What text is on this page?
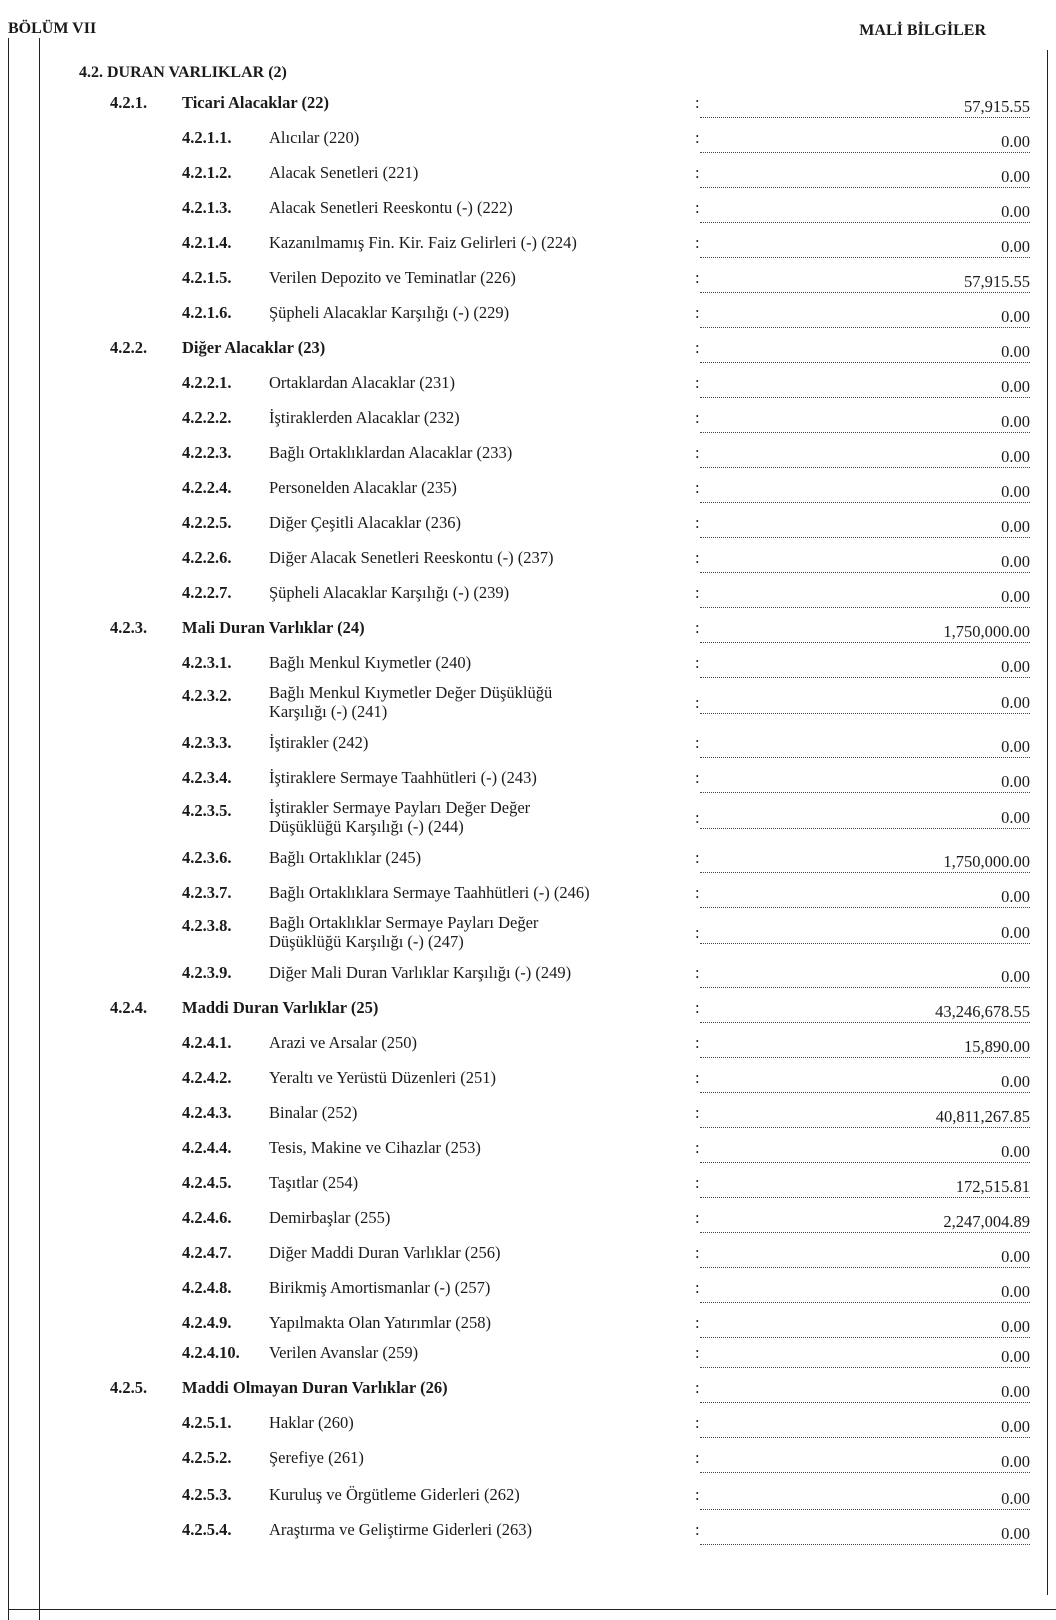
BÖLÜM VII	MALİ BİLGİLER
4.2. DURAN VARLIKLAR (2)
4.2.1. Ticari Alacaklar (22)	:	57,915.55
4.2.1.1. Alıcılar (220)	:	0.00
4.2.1.2. Alacak Senetleri (221)	:	0.00
4.2.1.3. Alacak Senetleri Reeskontu (-) (222)	:	0.00
4.2.1.4. Kazanılmamış Fin. Kir. Faiz Gelirleri (-) (224)	:	0.00
4.2.1.5. Verilen Depozito ve Teminatlar (226)	:	57,915.55
4.2.1.6. Şüpheli Alacaklar Karşılığı (-) (229)	:	0.00
4.2.2. Diğer Alacaklar (23)	:	0.00
4.2.2.1. Ortaklardan Alacaklar (231)	:	0.00
4.2.2.2. İştiraklerden Alacaklar (232)	:	0.00
4.2.2.3. Bağlı Ortaklıklardan Alacaklar (233)	:	0.00
4.2.2.4. Personelden Alacaklar (235)	:	0.00
4.2.2.5. Diğer Çeşitli Alacaklar (236)	:	0.00
4.2.2.6. Diğer Alacak Senetleri Reeskontu (-) (237)	:	0.00
4.2.2.7. Şüpheli Alacaklar Karşılığı (-) (239)	:	0.00
4.2.3. Mali Duran Varlıklar (24)	:	1,750,000.00
4.2.3.1. Bağlı Menkul Kıymetler (240)	:	0.00
4.2.3.2. Bağlı Menkul Kıymetler Değer Düşüklüğü
Karşılığı (-) (241)	:	0.00
4.2.3.3. İştirakler (242)	:	0.00
4.2.3.4. İştiraklere Sermaye Taahhütleri (-) (243)	:	0.00
4.2.3.5. İştirakler Sermaye Payları Değer Değer
Düşüklüğü Karşılığı (-) (244)	:	0.00
4.2.3.6. Bağlı Ortaklıklar (245)	:	1,750,000.00
4.2.3.7. Bağlı Ortaklıklara Sermaye Taahhütleri (-) (246)	:	0.00
4.2.3.8. Bağlı Ortaklıklar Sermaye Payları Değer
Düşüklüğü Karşılığı (-) (247)	:	0.00
4.2.3.9. Diğer Mali Duran Varlıklar Karşılığı (-) (249)	:	0.00
4.2.4. Maddi Duran Varlıklar (25)	:	43,246,678.55
4.2.4.1. Arazi ve Arsalar (250)	:	15,890.00
4.2.4.2. Yeraltı ve Yerüstü Düzenleri (251)	:	0.00
4.2.4.3. Binalar (252)	:	40,811,267.85
4.2.4.4. Tesis, Makine ve Cihazlar (253)	:	0.00
4.2.4.5. Taşıtlar (254)	:	172,515.81
4.2.4.6. Demirbaşlar (255)	:	2,247,004.89
4.2.4.7. Diğer Maddi Duran Varlıklar (256)	:	0.00
4.2.4.8. Birikmiş Amortismanlar (-) (257)	:	0.00
4.2.4.9. Yapılmakta Olan Yatırımlar (258)	:	0.00
4.2.4.10. Verilen Avanslar (259)	:	0.00
4.2.5. Maddi Olmayan Duran Varlıklar (26)	:	0.00
4.2.5.1. Haklar (260)	:	0.00
4.2.5.2. Şerefiye (261)	:	0.00
4.2.5.3. Kuruluş ve Örgütleme Giderleri (262)	:	0.00
4.2.5.4. Araştırma ve Geliştirme Giderleri (263)	:	0.00
